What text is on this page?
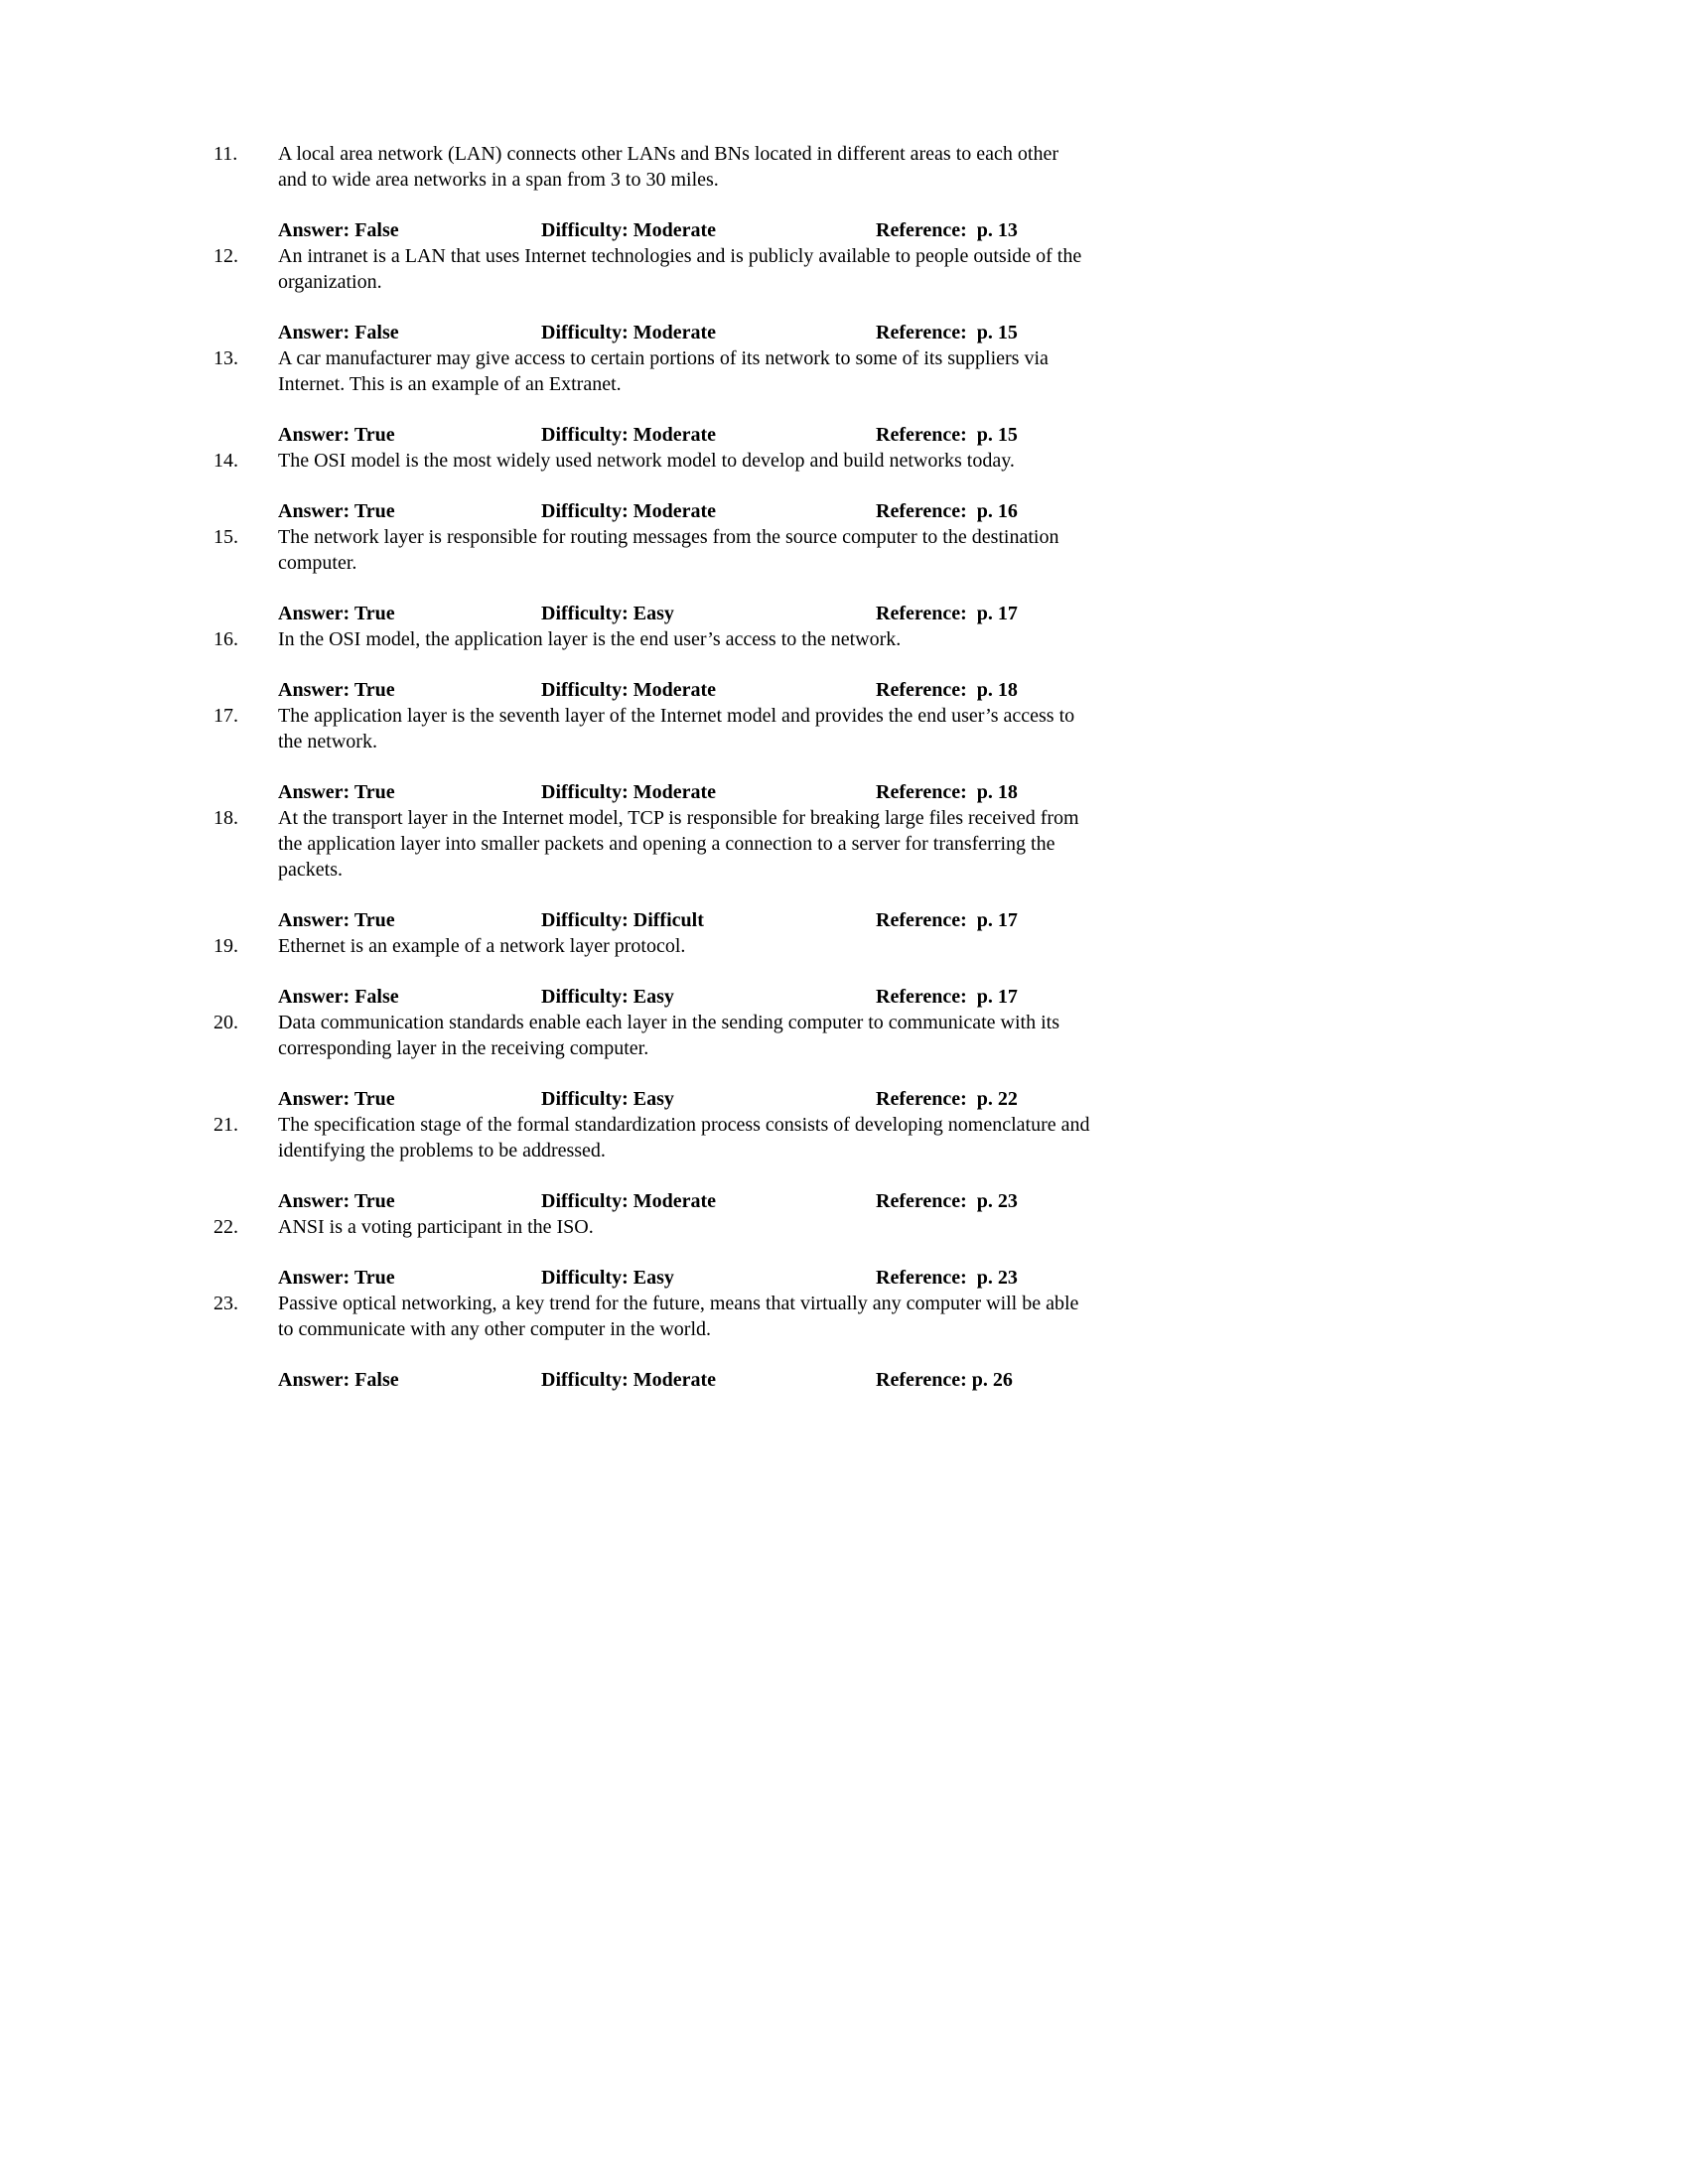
11.	A local area network (LAN) connects other LANs and BNs located in different areas to each other and to wide area networks in a span from 3 to 30 miles.
Answer: False	Difficulty: Moderate	Reference:  p. 13
12.	An intranet is a LAN that uses Internet technologies and is publicly available to people outside of the organization.
Answer: False	Difficulty: Moderate	Reference:  p. 15
13.	A car manufacturer may give access to certain portions of its network to some of its suppliers via Internet. This is an example of an Extranet.
Answer: True	Difficulty: Moderate	Reference:  p. 15
14.	The OSI model is the most widely used network model to develop and build networks today.
Answer: True	Difficulty: Moderate	Reference:  p. 16
15.	The network layer is responsible for routing messages from the source computer to the destination computer.
Answer: True	Difficulty: Easy	Reference:  p. 17
16.	In the OSI model, the application layer is the end user’s access to the network.
Answer: True	Difficulty: Moderate	Reference:  p. 18
17.	The application layer is the seventh layer of the Internet model and provides the end user’s access to the network.
Answer: True	Difficulty: Moderate	Reference:  p. 18
18.	At the transport layer in the Internet model, TCP is responsible for breaking large files received from the application layer into smaller packets and opening a connection to a server for transferring the packets.
Answer: True	Difficulty: Difficult	Reference:  p. 17
19.	Ethernet is an example of a network layer protocol.
Answer: False	Difficulty: Easy	Reference:  p. 17
20.	Data communication standards enable each layer in the sending computer to communicate with its corresponding layer in the receiving computer.
Answer: True	Difficulty: Easy	Reference:  p. 22
21.	The specification stage of the formal standardization process consists of developing nomenclature and identifying the problems to be addressed.
Answer: True	Difficulty: Moderate	Reference:  p. 23
22.	ANSI is a voting participant in the ISO.
Answer: True	Difficulty: Easy	Reference:  p. 23
23.	Passive optical networking, a key trend for the future, means that virtually any computer will be able to communicate with any other computer in the world.
Answer: False	Difficulty: Moderate	Reference: p. 26
